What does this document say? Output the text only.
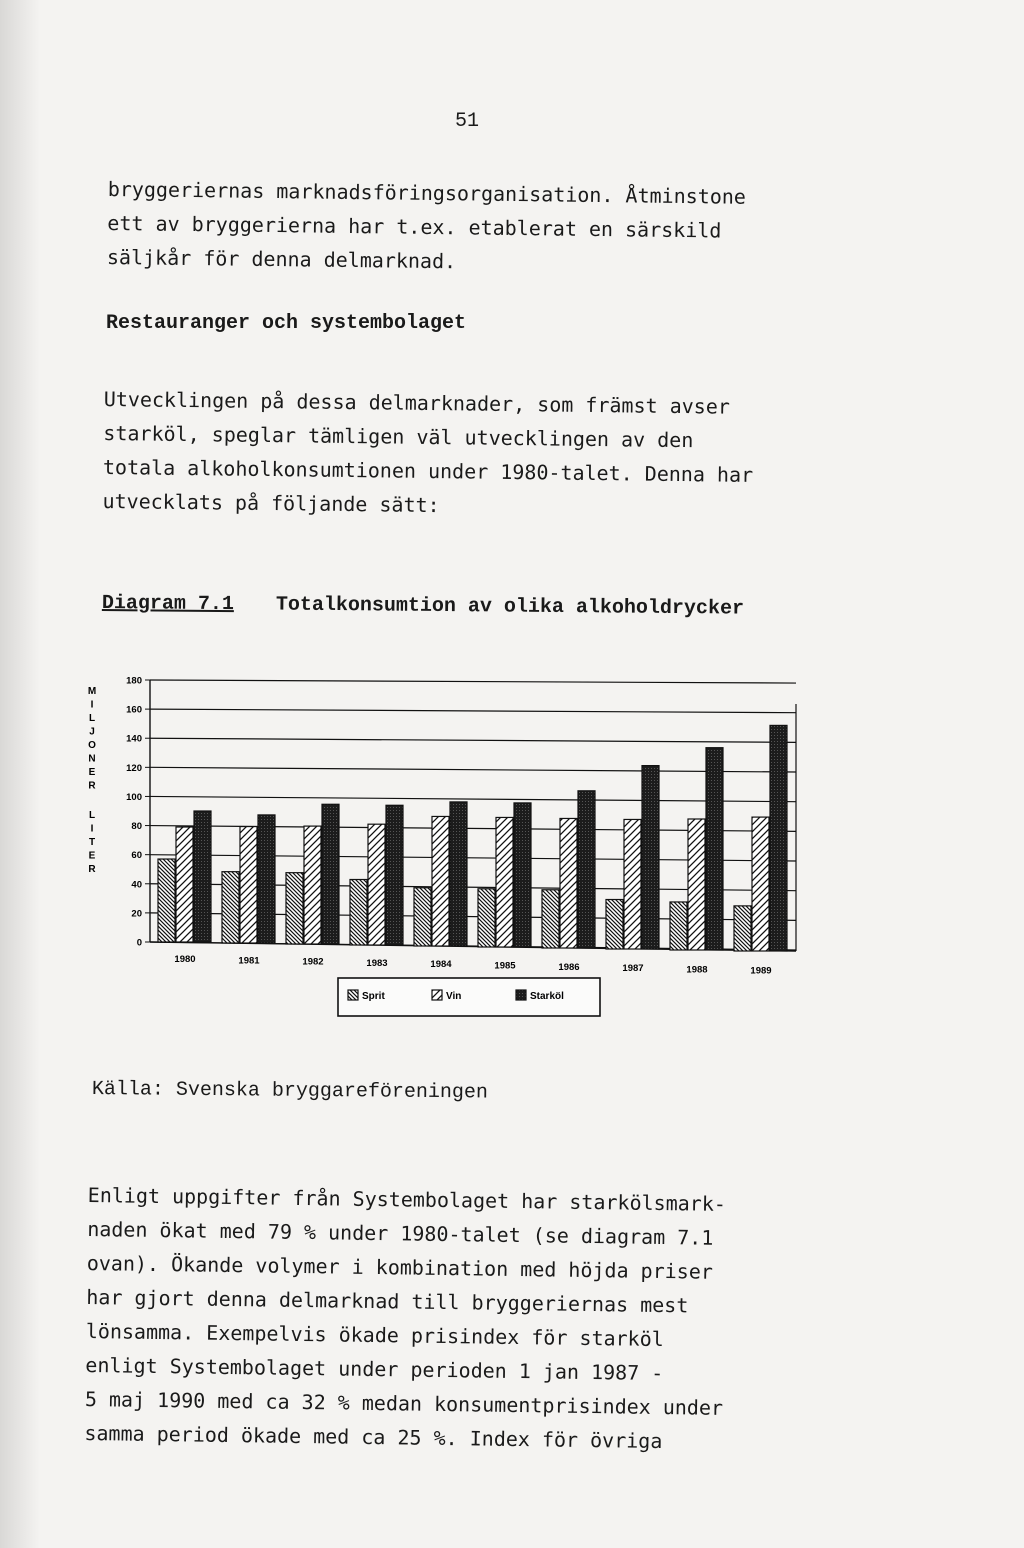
51
bryggeriernas marknadsföringsorganisation. Åtminstone
ett av bryggerierna har t.ex. etablerat en särskild
säljkår för denna delmarknad.
Restauranger och systembolaget
Utvecklingen på dessa delmarknader, som främst avser
starköl, speglar tämligen väl utvecklingen av den
totala alkoholkonsumtionen under 1980-talet. Denna har
utvecklats på följande sätt:
Diagram 7.1 Totalkonsumtion av olika alkoholdrycker
M
I
L
J
O
N
E
R
L
I
T
E
R
0
20
40
60
80
100
120
140
160
180
1980	1981	1982	1983	1984	1985	1986	1987	1988	1989
Sprit	Vin	Starköl
Källa: Svenska bryggareföreningen
Enligt uppgifter från Systembolaget har starkölsmark-
naden ökat med 79 % under 1980-talet (se diagram 7.1
ovan). Ökande volymer i kombination med höjda priser
har gjort denna delmarknad till bryggeriernas mest
lönsamma. Exempelvis ökade prisindex för starköl
enligt Systembolaget under perioden 1 jan 1987 -
5 maj 1990 med ca 32 % medan konsumentprisindex under
samma period ökade med ca 25 %. Index för övriga
